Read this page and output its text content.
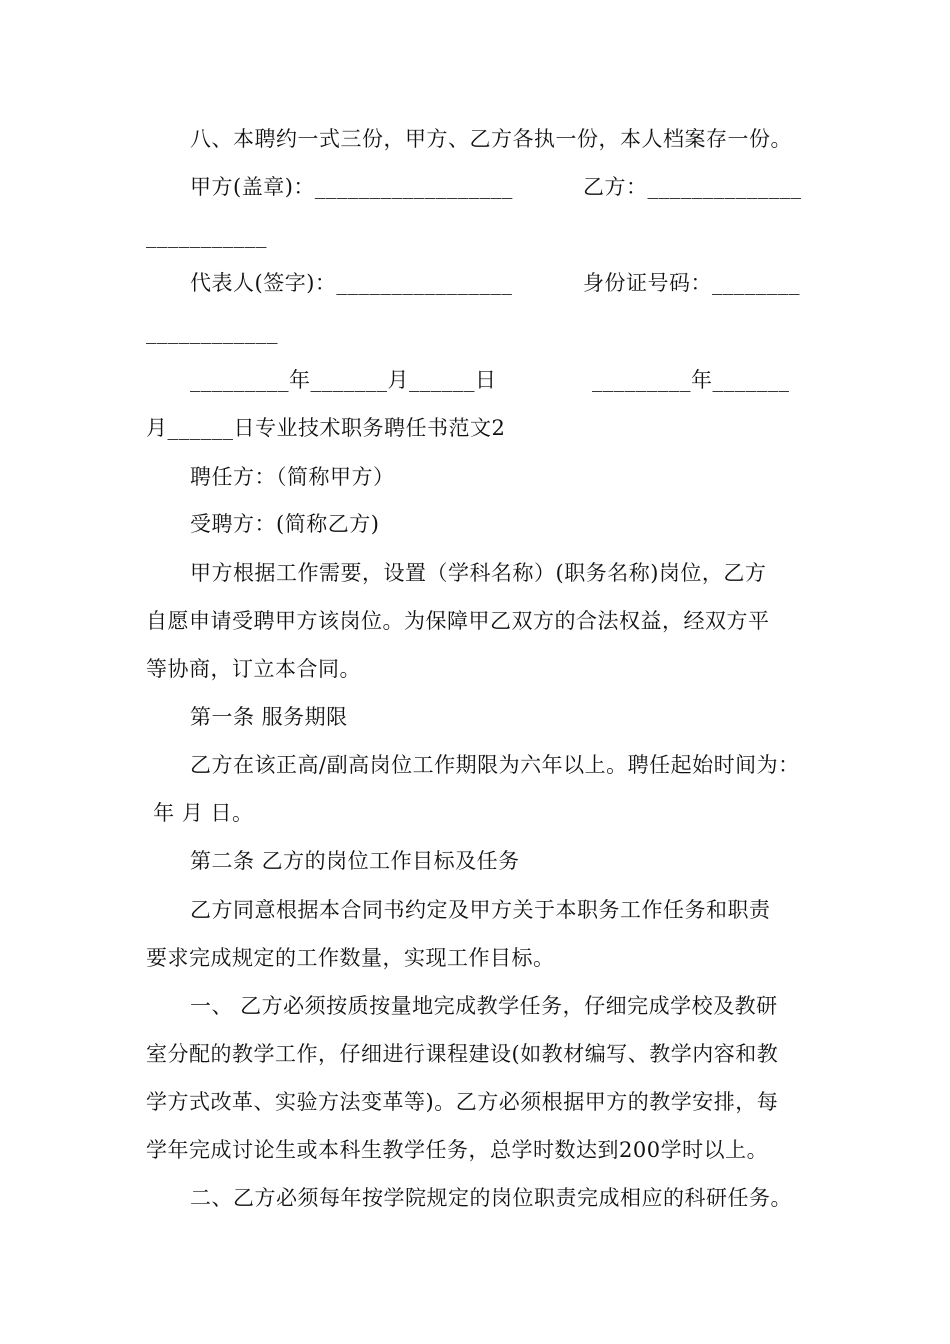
八、本聘约一式三份，甲方、乙方各执一份，本人档案存一份。
甲方(盖章)：__________________	乙方：______________
___________
代表人(签字)：________________	身份证号码：________
____________
_________年_______月______日	_________年_______
月______日专业技术职务聘任书范文2
聘任方：（简称甲方）
受聘方：(简称乙方)
甲方根据工作需要，设置（学科名称）(职务名称)岗位，乙方
自愿申请受聘甲方该岗位。为保障甲乙双方的合法权益，经双方平
等协商，订立本合同。
第一条 服务期限
乙方在该正高/副高岗位工作期限为六年以上。聘任起始时间为：
年 月 日。
第二条 乙方的岗位工作目标及任务
乙方同意根据本合同书约定及甲方关于本职务工作任务和职责
要求完成规定的工作数量，实现工作目标。
一、 乙方必须按质按量地完成教学任务，仔细完成学校及教研
室分配的教学工作，仔细进行课程建设(如教材编写、教学内容和教
学方式改革、实验方法变革等)。乙方必须根据甲方的教学安排，每
学年完成讨论生或本科生教学任务，总学时数达到200学时以上。
二、乙方必须每年按学院规定的岗位职责完成相应的科研任务。
